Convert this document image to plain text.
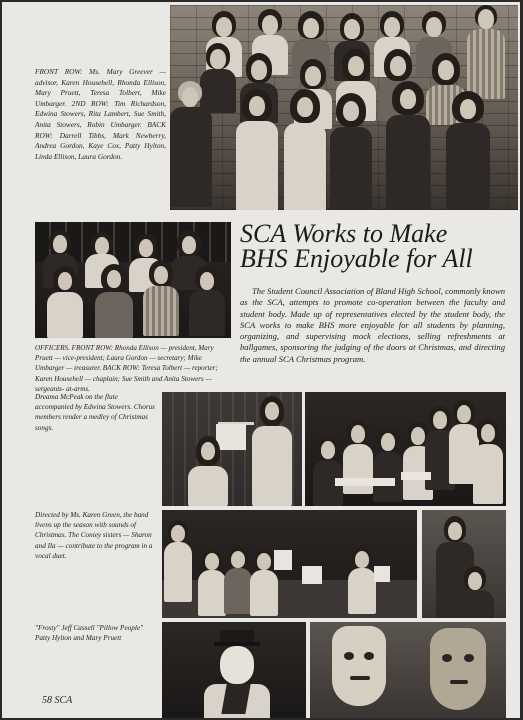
FRONT ROW: Ms. Mary Greever — advisor, Karen Househell, Rhonda Ellison, Mary Pruett, Teresa Tolbert, Mike Umbarger. 2ND ROW: Tim Richardson, Edwina Stowers, Rita Lambert, Sue Smith, Anita Stowers, Robin Umbarger. BACK ROW: Darrell Tibbs, Mark Newberry, Andrea Gordon, Kaye Cox, Patty Hylton, Linda Ellison, Laura Gordon.
OFFICERS. FRONT ROW: Rhonda Ellison — president, Mary Pruett — vice-president; Laura Gordon — secretary; Mike Umbarger — treasurer. BACK ROW: Teresa Tolbert — reporter; Karen Househell — chaplain; Sue Smith and Anita Stowers — sergeants- at-arms.
SCA Works to Make
BHS Enjoyable for All
The Student Council Association of Bland High School, commonly known as the SCA, attempts to promote co-operation between the faculty and student body. Made up of representatives elected by the student body, the SCA works to make BHS more enjoyable for all students by planning, organizing, and supervising mock elections, selling refreshments at ballgames, sponsoring the judging of the doors at Christmas, and directing the annual SCA Christmas program.
Dreama McPeak on the flute accompanied by Edwina Stowers. Chorus members render a medley of Christmas songs.
Directed by Ms. Karen Green, the band livens up the season with sounds of Christmas. The Coniey sisters — Sharon and Ila — contribute to the program in a vocal duet.
"Frosty" Jeff Cassell "Pillow People" Patty Hylton and Mary Pruett
58 SCA
